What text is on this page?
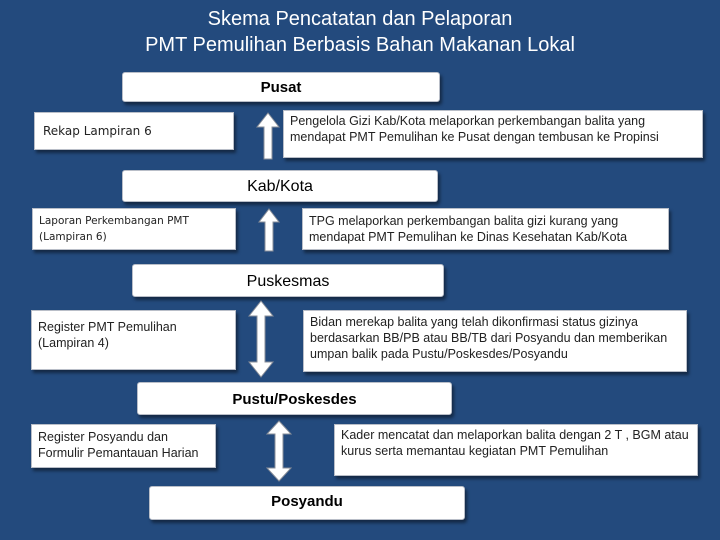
Skema Pencatatan dan Pelaporan
PMT Pemulihan Berbasis Bahan Makanan Lokal
Pusat
Kab/Kota
Puskesmas
Pustu/Poskesdes
Posyandu
Rekap Lampiran 6
Laporan Perkembangan PMT
(Lampiran 6)
Register PMT Pemulihan (Lampiran 4)
Register Posyandu dan Formulir Pemantauan Harian
Pengelola Gizi Kab/Kota melaporkan perkembangan balita yang mendapat PMT Pemulihan ke Pusat dengan tembusan ke Propinsi
TPG melaporkan perkembangan balita gizi kurang yang mendapat PMT Pemulihan ke Dinas Kesehatan Kab/Kota
Bidan merekap balita yang telah dikonfirmasi status gizinya berdasarkan BB/PB atau BB/TB dari Posyandu dan memberikan umpan balik pada Pustu/Poskesdes/Posyandu
Kader mencatat dan melaporkan balita dengan 2 T , BGM atau kurus serta memantau kegiatan PMT Pemulihan
